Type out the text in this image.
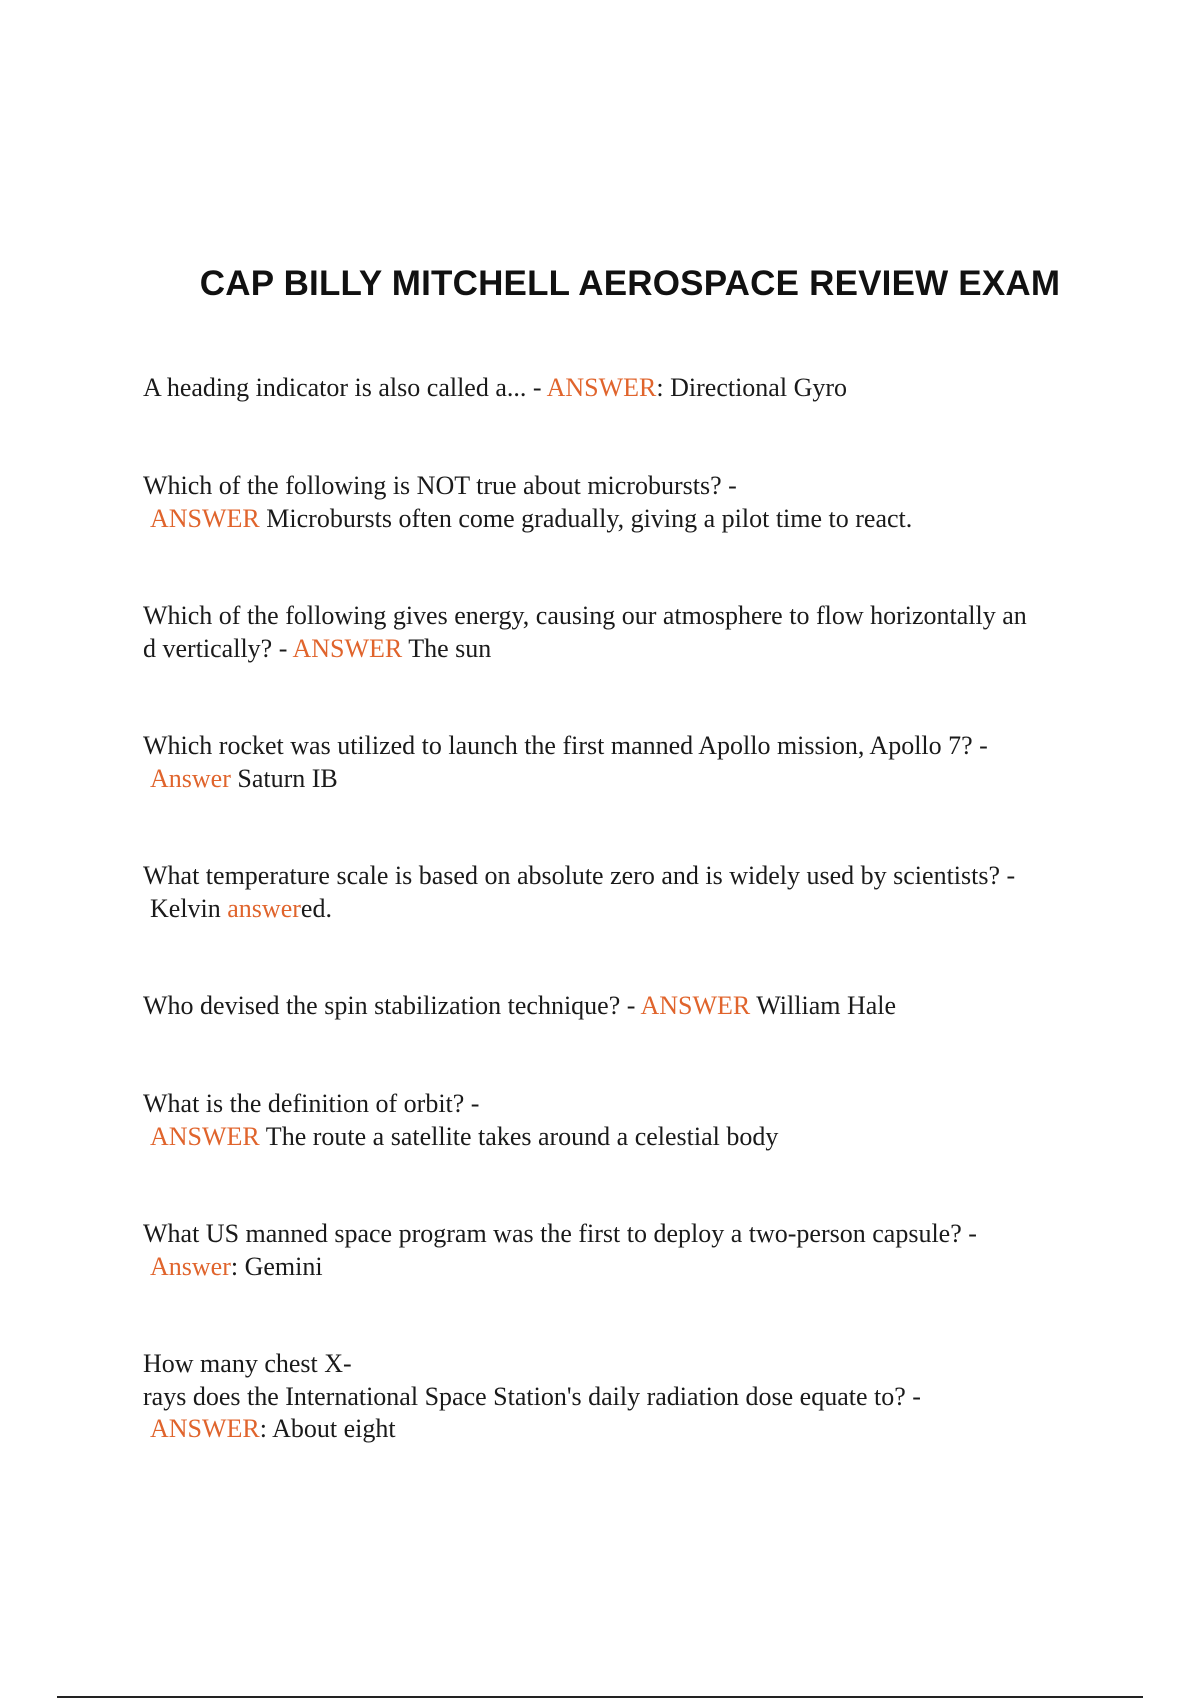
CAP BILLY MITCHELL AEROSPACE REVIEW EXAM

A heading indicator is also called a... - ANSWER: Directional Gyro

Which of the following is NOT true about microbursts? -
ANSWER Microbursts often come gradually, giving a pilot time to react.

Which of the following gives energy, causing our atmosphere to flow horizontally an
d vertically? - ANSWER The sun

Which rocket was utilized to launch the first manned Apollo mission, Apollo 7? -
Answer Saturn IB

What temperature scale is based on absolute zero and is widely used by scientists? -
Kelvin answered.

Who devised the spin stabilization technique? - ANSWER William Hale

What is the definition of orbit? -
ANSWER The route a satellite takes around a celestial body

What US manned space program was the first to deploy a two-person capsule? -
Answer: Gemini

How many chest X-
rays does the International Space Station's daily radiation dose equate to? -
ANSWER: About eight
